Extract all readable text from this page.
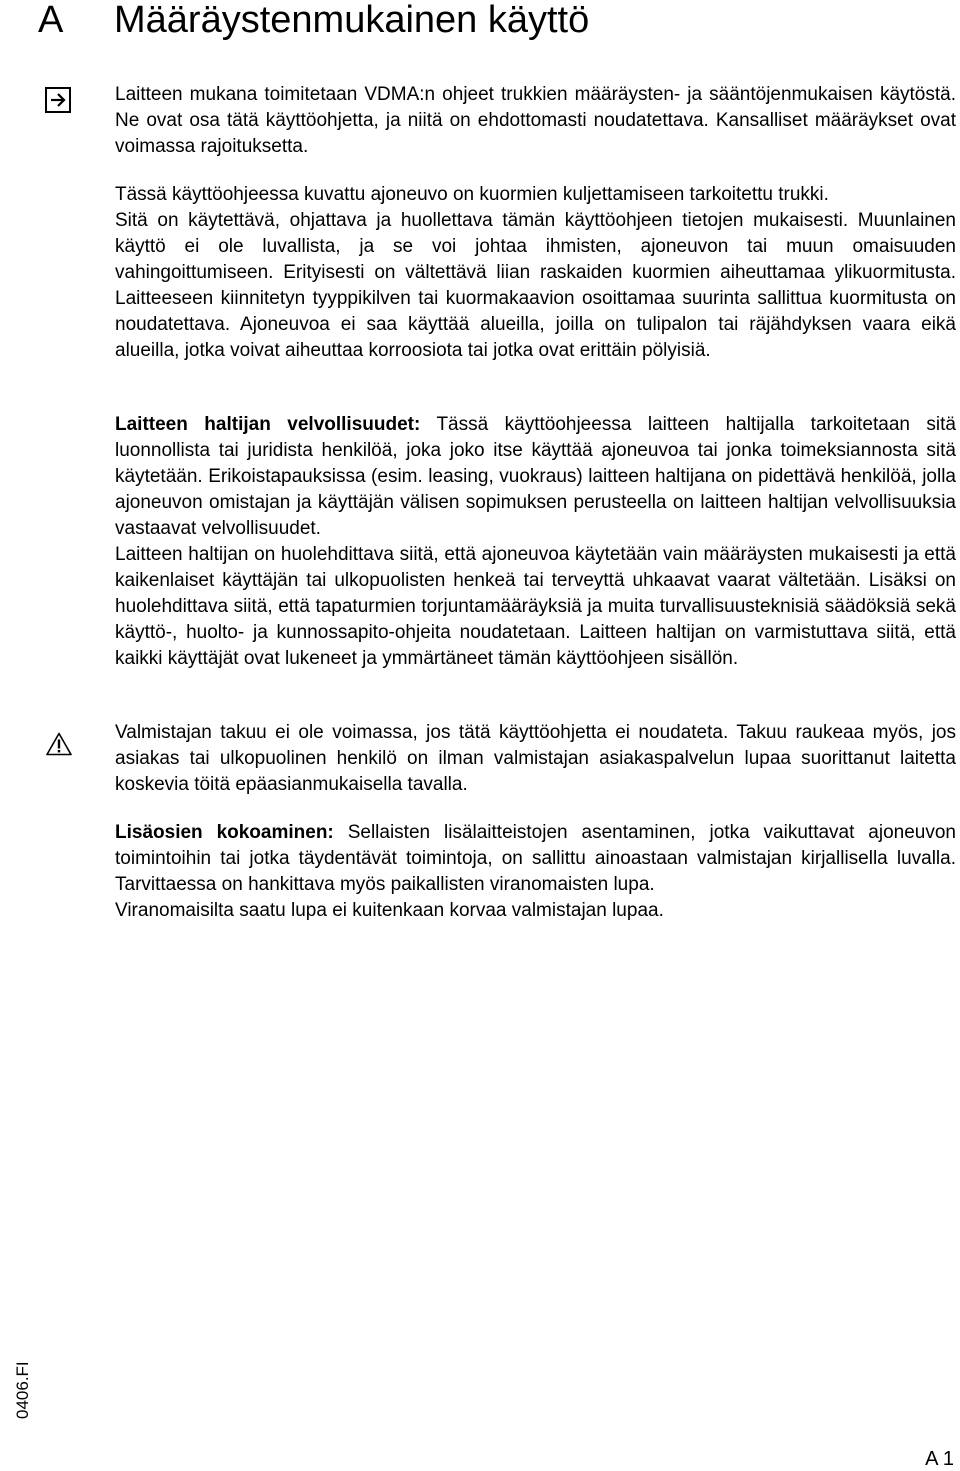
A Määräystenmukainen käyttö

Laitteen mukana toimitetaan VDMA:n ohjeet trukkien määräysten- ja sääntöjenmukaisen käytöstä. Ne ovat osa tätä käyttöohjetta, ja niitä on ehdottomasti noudatettava. Kansalliset määräykset ovat voimassa rajoituksetta.

Tässä käyttöohjeessa kuvattu ajoneuvo on kuormien kuljettamiseen tarkoitettu trukki.

Sitä on käytettävä, ohjattava ja huollettava tämän käyttöohjeen tietojen mukaisesti. Muunlainen käyttö ei ole luvallista, ja se voi johtaa ihmisten, ajoneuvon tai muun omaisuuden vahingoittumiseen. Erityisesti on vältettävä liian raskaiden kuormien aiheuttamaa ylikuormitusta. Laitteeseen kiinnitetyn tyyppikilven tai kuormakaavion osoittamaa suurinta sallittua kuormitusta on noudatettava. Ajoneuvoa ei saa käyttää alueilla, joilla on tulipalon tai räjähdyksen vaara eikä alueilla, jotka voivat aiheuttaa korroosiota tai jotka ovat erittäin pölyisiä.

Laitteen haltijan velvollisuudet: Tässä käyttöohjeessa laitteen haltijalla tarkoitetaan sitä luonnollista tai juridista henkilöä, joka joko itse käyttää ajoneuvoa tai jonka toimeksiannosta sitä käytetään. Erikoistapauksissa (esim. leasing, vuokraus) laitteen haltijana on pidettävä henkilöä, jolla ajoneuvon omistajan ja käyttäjän välisen sopimuksen perusteella on laitteen haltijan velvollisuuksia vastaavat velvollisuudet.

Laitteen haltijan on huolehdittava siitä, että ajoneuvoa käytetään vain määräysten mukaisesti ja että kaikenlaiset käyttäjän tai ulkopuolisten henkeä tai terveyttä uhkaavat vaarat vältetään. Lisäksi on huolehdittava siitä, että tapaturmien torjuntamääräyksiä ja muita turvallisuusteknisiä säädöksiä sekä käyttö-, huolto- ja kunnossapito-ohjeita noudatetaan. Laitteen haltijan on varmistuttava siitä, että kaikki käyttäjät ovat lukeneet ja ymmärtäneet tämän käyttöohjeen sisällön.

Valmistajan takuu ei ole voimassa, jos tätä käyttöohjetta ei noudateta. Takuu raukeaa myös, jos asiakas tai ulkopuolinen henkilö on ilman valmistajan asiakaspalvelun lupaa suorittanut laitetta koskevia töitä epäasianmukaisella tavalla.

Lisäosien kokoaminen: Sellaisten lisälaitteistojen asentaminen, jotka vaikuttavat ajoneuvon toimintoihin tai jotka täydentävät toimintoja, on sallittu ainoastaan valmistajan kirjallisella luvalla. Tarvittaessa on hankittava myös paikallisten viranomaisten lupa.

Viranomaisilta saatu lupa ei kuitenkaan korvaa valmistajan lupaa.

0406.FI
A 1
